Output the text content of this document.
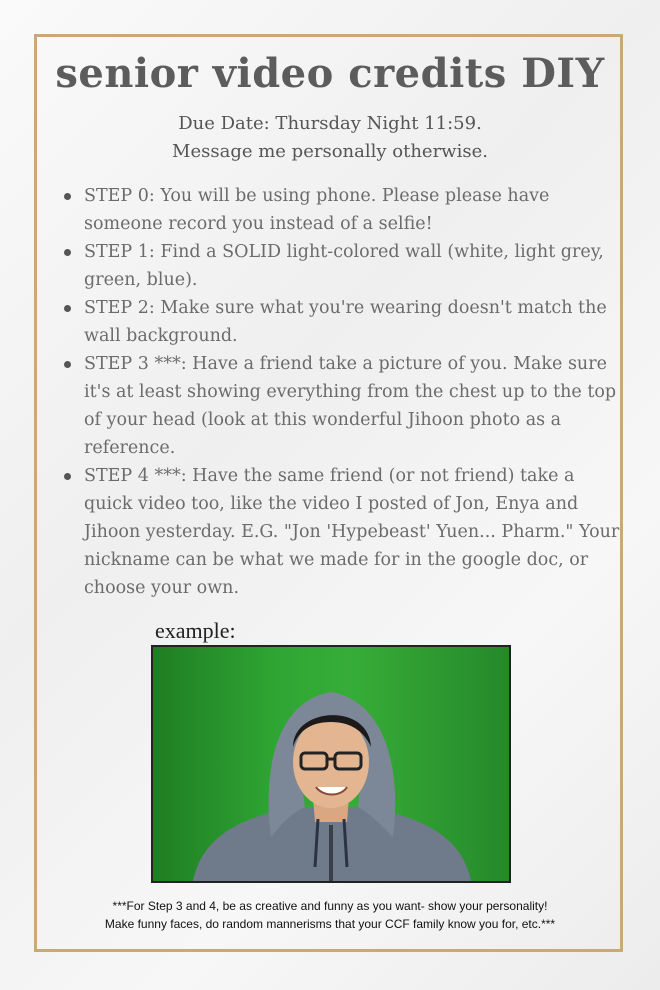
senior video credits DIY
Due Date: Thursday Night 11:59.
Message me personally otherwise.
STEP 0: You will be using phone. Please please have someone record you instead of a selfie!
STEP 1: Find a SOLID light-colored wall (white, light grey, green, blue).
STEP 2: Make sure what you're wearing doesn't match the wall background.
STEP 3 ***: Have a friend take a picture of you. Make sure it's at least showing everything from the chest up to the top of your head (look at this wonderful Jihoon photo as a reference.
STEP 4 ***: Have the same friend (or not friend) take a quick video too, like the video I posted of Jon, Enya and Jihoon yesterday. E.G. "Jon 'Hypebeast' Yuen... Pharm." Your nickname can be what we made for in the google doc, or choose your own.
example:
***For Step 3 and 4, be as creative and funny as you want- show your personality! Make funny faces, do random mannerisms that your CCF family know you for, etc.***
